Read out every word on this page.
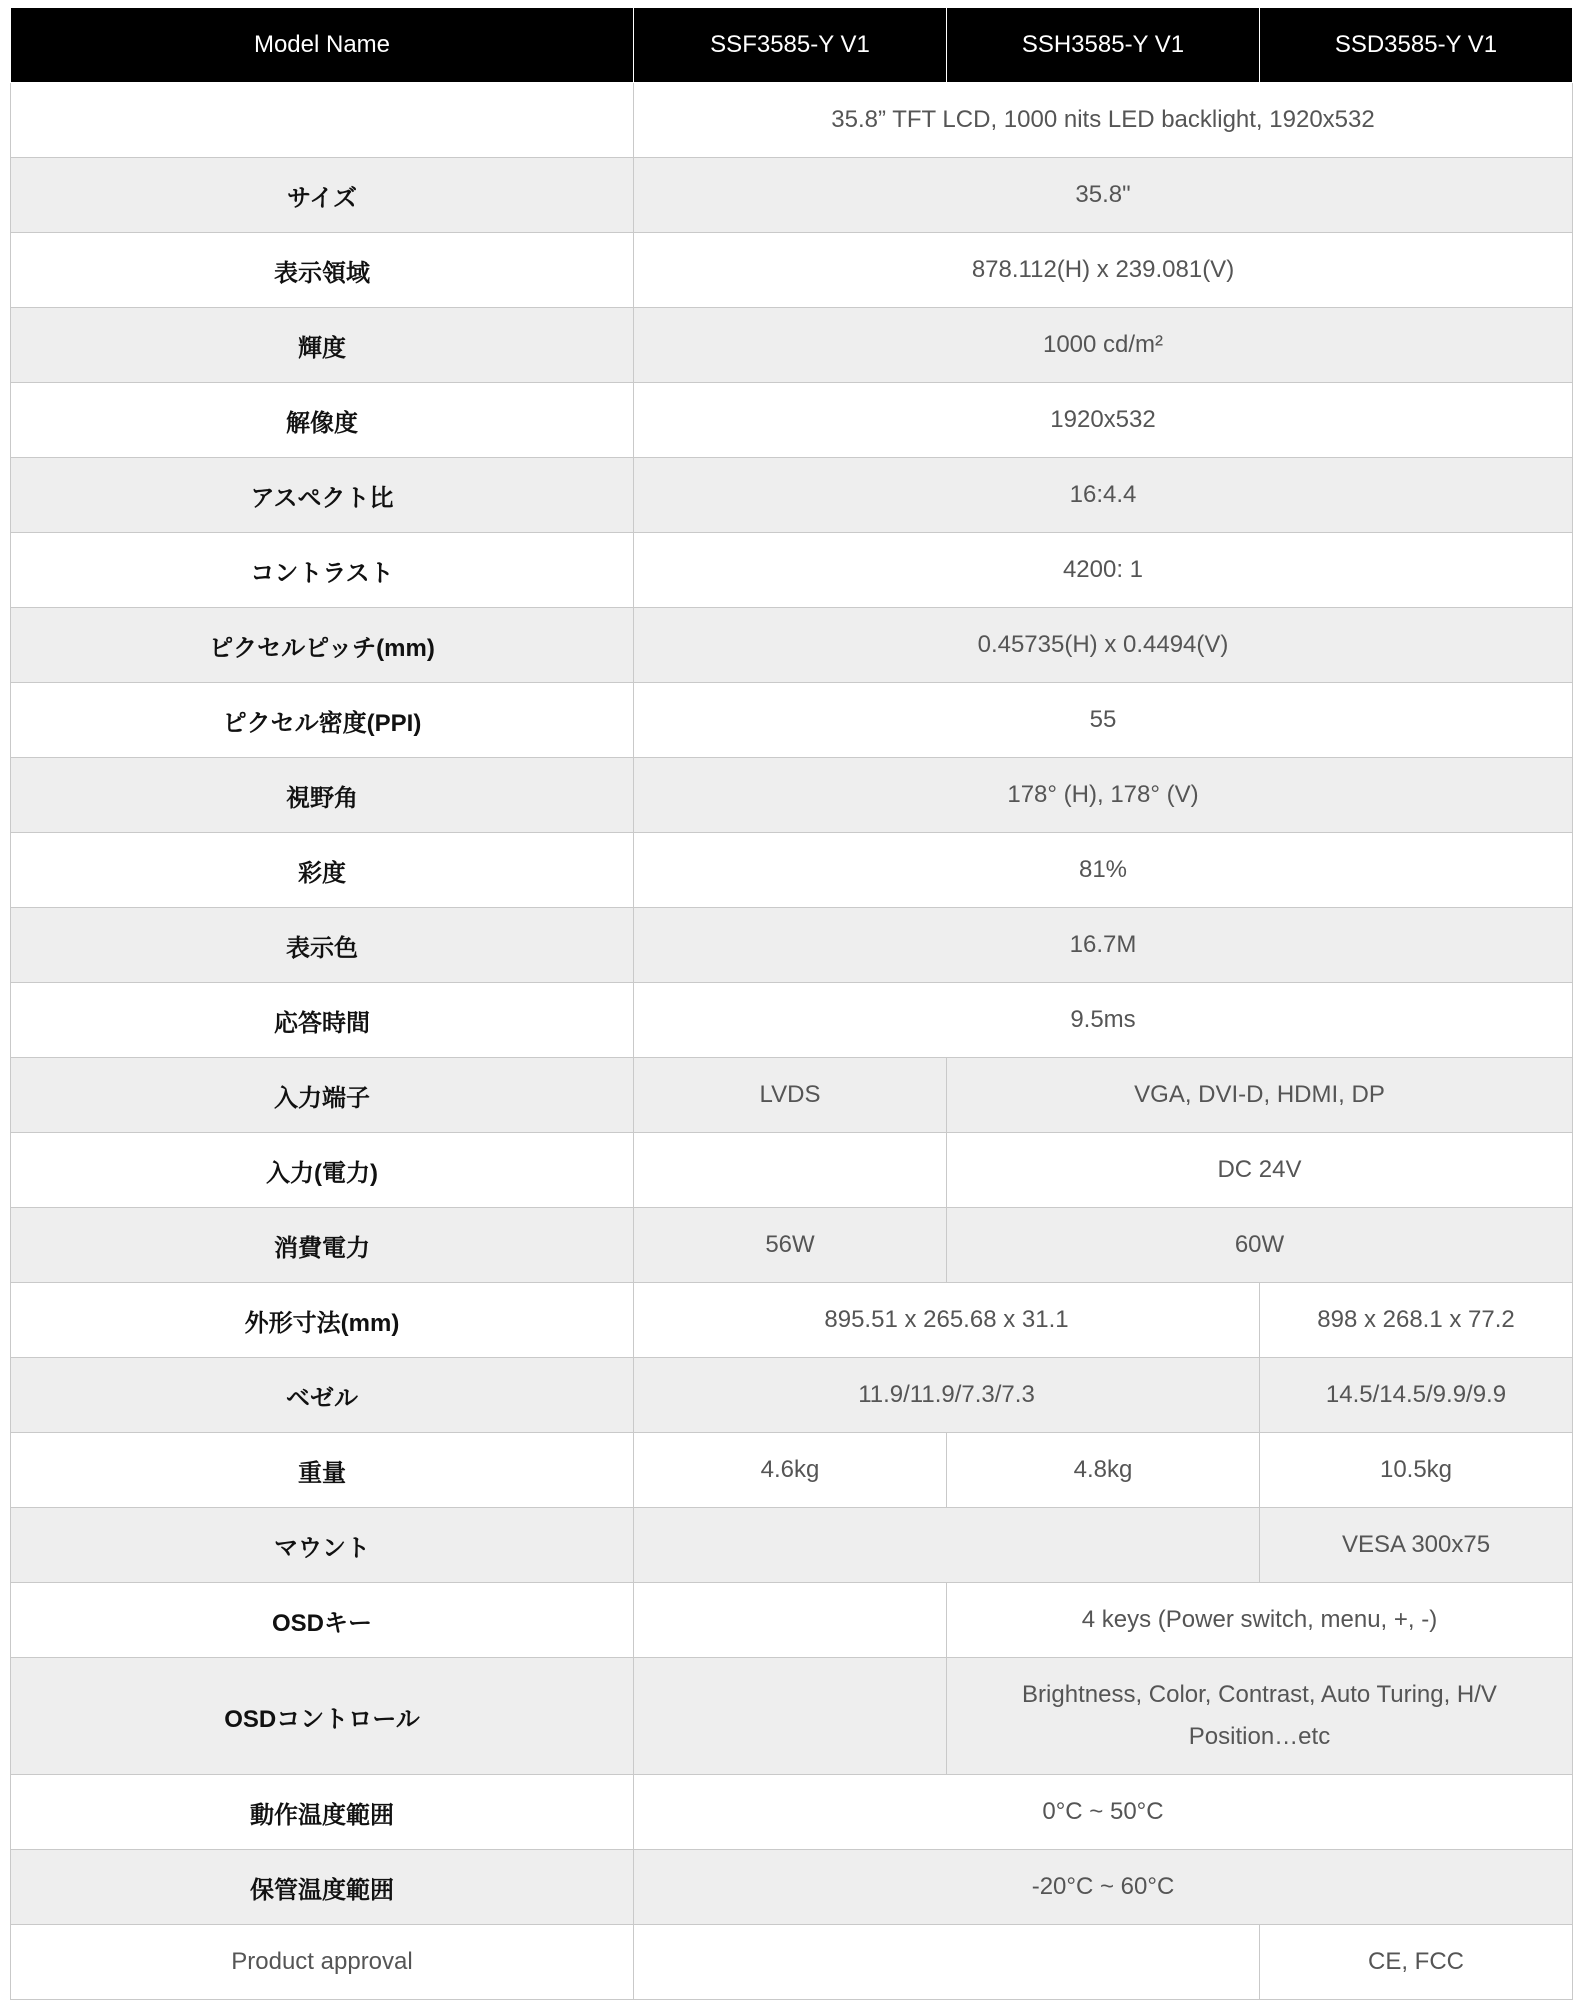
Model Name	SSF3585-Y V1	SSH3585-Y V1	SSD3585-Y V1
	35.8” TFT LCD, 1000 nits LED backlight, 1920x532		
サイズ	35.8"		
表示領域	878.112(H) x 239.081(V)		
輝度	1000 cd/m²		
解像度	1920x532		
アスペクト比	16:4.4		
コントラスト	4200: 1		
ピクセルピッチ(mm)	0.45735(H) x 0.4494(V)		
ピクセル密度(PPI)	55		
視野角	178° (H), 178° (V)		
彩度	81%		
表示色	16.7M		
応答時間	9.5ms		
入力端子	LVDS	VGA, DVI-D, HDMI, DP	
入力(電力)		DC 24V	
消費電力	56W	60W	
外形寸法(mm)	895.51 x 265.68 x 31.1		898 x 268.1 x 77.2
ベゼル	11.9/11.9/7.3/7.3		14.5/14.5/9.9/9.9
重量	4.6kg	4.8kg	10.5kg
マウント			VESA 300x75
OSDキー		4 keys (Power switch, menu, +, -)	
OSDコントロール		Brightness, Color, Contrast, Auto Turing, H/V
Position…etc	
動作温度範囲	0°C ~ 50°C		
保管温度範囲	-20°C ~ 60°C		
Product approval			CE, FCC
